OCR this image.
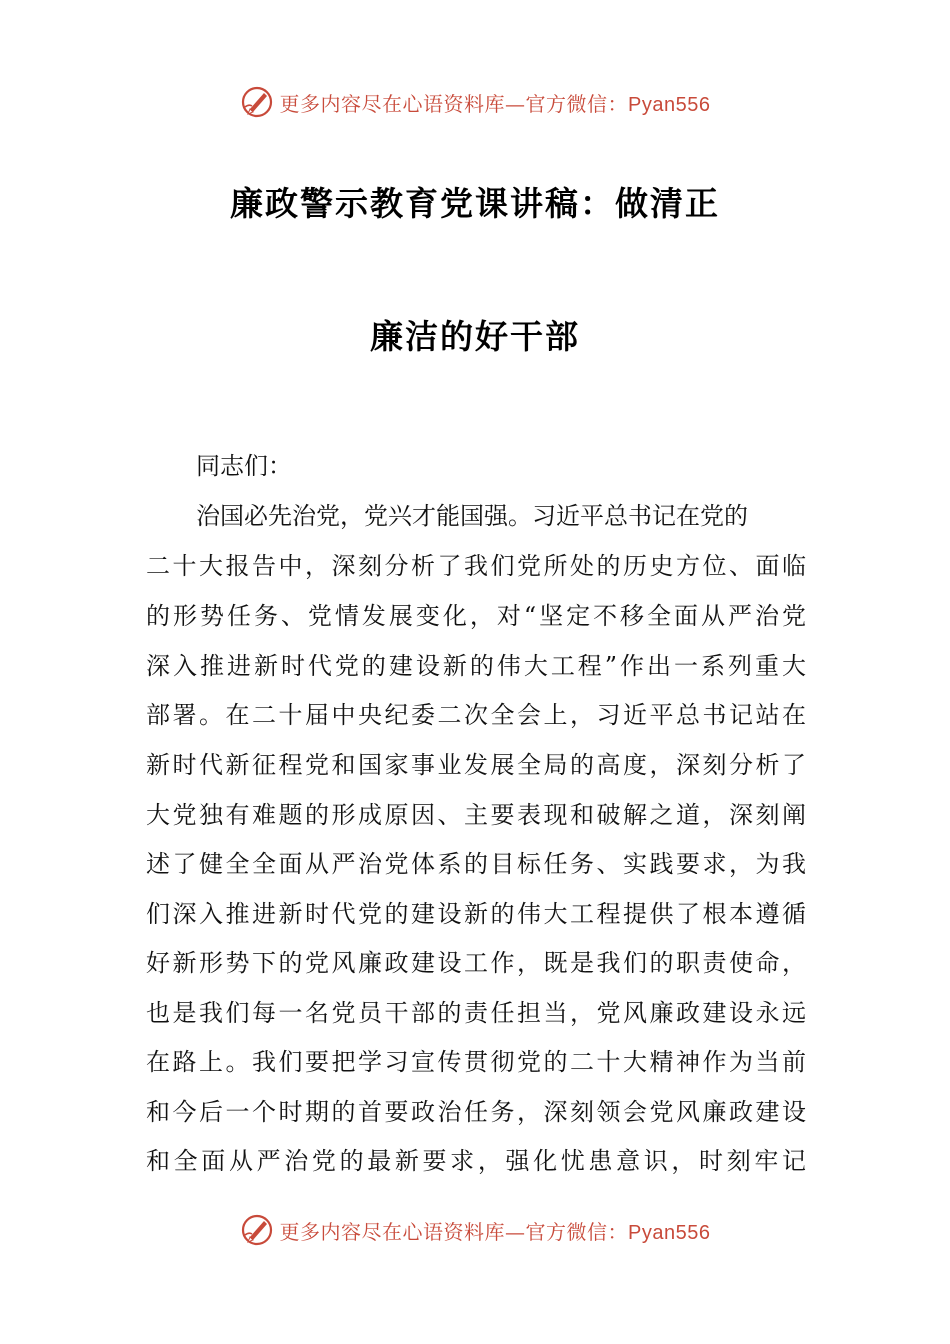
更多内容尽在心语资料库—官方微信：Pyan556
廉政警示教育党课讲稿：做清正
廉洁的好干部
同志们：
治国必先治党，党兴才能国强。习近平总书记在党的
二十大报告中，深刻分析了我们党所处的历史方位、面临
的形势任务、党情发展变化，对“坚定不移全面从严治党
深入推进新时代党的建设新的伟大工程”作出一系列重大
部署。在二十届中央纪委二次全会上，习近平总书记站在
新时代新征程党和国家事业发展全局的高度，深刻分析了
大党独有难题的形成原因、主要表现和破解之道，深刻阐
述了健全全面从严治党体系的目标任务、实践要求，为我
们深入推进新时代党的建设新的伟大工程提供了根本遵循
好新形势下的党风廉政建设工作，既是我们的职责使命，
也是我们每一名党员干部的责任担当，党风廉政建设永远
在路上。我们要把学习宣传贯彻党的二十大精神作为当前
和今后一个时期的首要政治任务，深刻领会党风廉政建设
和全面从严治党的最新要求，强化忧患意识，时刻牢记
更多内容尽在心语资料库—官方微信：Pyan556
